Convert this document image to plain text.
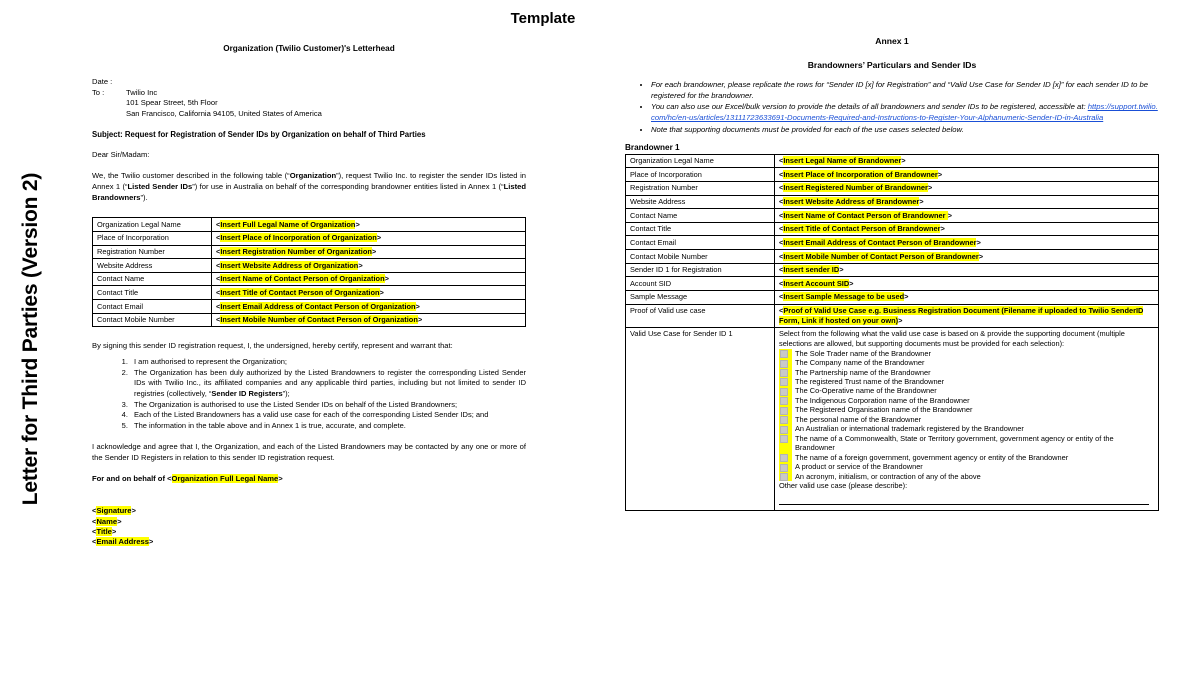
Letter for Third Parties (Version 2)
Template
Organization (Twilio Customer)'s Letterhead
Date :
To :	Twilio Inc
101 Spear Street, 5th Floor
San Francisco, California 94105, United States of America
Subject: Request for Registration of Sender IDs by Organization on behalf of Third Parties
Dear Sir/Madam:
We, the Twilio customer described in the following table (“Organization”), request Twilio Inc. to register the sender IDs listed in Annex 1 (“Listed Sender IDs”) for use in Australia on behalf of the corresponding brandowner entities listed in Annex 1 (“Listed Brandowners”).
Organization Legal Name	<Insert Full Legal Name of Organization>
Place of Incorporation	<Insert Place of Incorporation of Organization>
Registration Number	<Insert Registration Number of Organization>
Website Address	<Insert Website Address of Organization>
Contact Name	<Insert Name of Contact Person of Organization>
Contact Title	<Insert Title of Contact Person of Organization>
Contact Email	<Insert Email Address of Contact Person of Organization>
Contact Mobile Number	<Insert Mobile Number of Contact Person of Organization>
By signing this sender ID registration request, I, the undersigned, hereby certify, represent and warrant that:
1. I am authorised to represent the Organization;
2. The Organization has been duly authorized by the Listed Brandowners to register the corresponding Listed Sender IDs with Twilio Inc., its affiliated companies and any applicable third parties, including but not limited to sender ID registries (collectively, “Sender ID Registers”);
3. The Organization is authorised to use the Listed Sender IDs on behalf of the Listed Brandowners;
4. Each of the Listed Brandowners has a valid use case for each of the corresponding Listed Sender IDs; and
5. The information in the table above and in Annex 1 is true, accurate, and complete.
I acknowledge and agree that I, the Organization, and each of the Listed Brandowners may be contacted by any one or more of the Sender ID Registers in relation to this sender ID registration request.
For and on behalf of <Organization Full Legal Name>
<Signature>
<Name>
<Title>
<Email Address>
Annex 1
Brandowners’ Particulars and Sender IDs
• For each brandowner, please replicate the rows for “Sender ID [x] for Registration” and “Valid Use Case for Sender ID [x]” for each sender ID to be registered for the brandowner.
• You can also use our Excel/bulk version to provide the details of all brandowners and sender IDs to be registered, accessible at: https://support.twilio.com/hc/en-us/articles/13111723633691-Documents-Required-and-Instructions-to-Register-Your-Alphanumeric-Sender-ID-in-Australia
• Note that supporting documents must be provided for each of the use cases selected below.
Brandowner 1
Organization Legal Name	<Insert Legal Name of Brandowner>
Place of Incorporation	<Insert Place of Incorporation of Brandowner>
Registration Number	<Insert Registered Number of Brandowner>
Website Address	<Insert Website Address of Brandowner>
Contact Name	<Insert Name of Contact Person of Brandowner >
Contact Title	<Insert Title of Contact Person of Brandowner>
Contact Email	<Insert Email Address of Contact Person of Brandowner>
Contact Mobile Number	<Insert Mobile Number of Contact Person of Brandowner>
Sender ID 1 for Registration	<Insert sender ID>
Account SID	<Insert Account SID>
Sample Message	<Insert Sample Message to be used>
Proof of Valid use case	<Proof of Valid Use Case e.g. Business Registration Document (Filename if uploaded to Twilio SenderID Form, Link if hosted on your own)>
Valid Use Case for Sender ID 1	Select from the following what the valid use case is based on & provide the supporting document (multiple selections are allowed, but supporting documents must be provided for each selection):
The Sole Trader name of the Brandowner
The Company name of the Brandowner
The Partnership name of the Brandowner
The registered Trust name of the Brandowner
The Co-Operative name of the Brandowner
The Indigenous Corporation name of the Brandowner
The Registered Organisation name of the Brandowner
The personal name of the Brandowner
An Australian or international trademark registered by the Brandowner
The name of a Commonwealth, State or Territory government, government agency or entity of the Brandowner
The name of a foreign government, government agency or entity of the Brandowner
A product or service of the Brandowner
An acronym, initialism, or contraction of any of the above
Other valid use case (please describe):
